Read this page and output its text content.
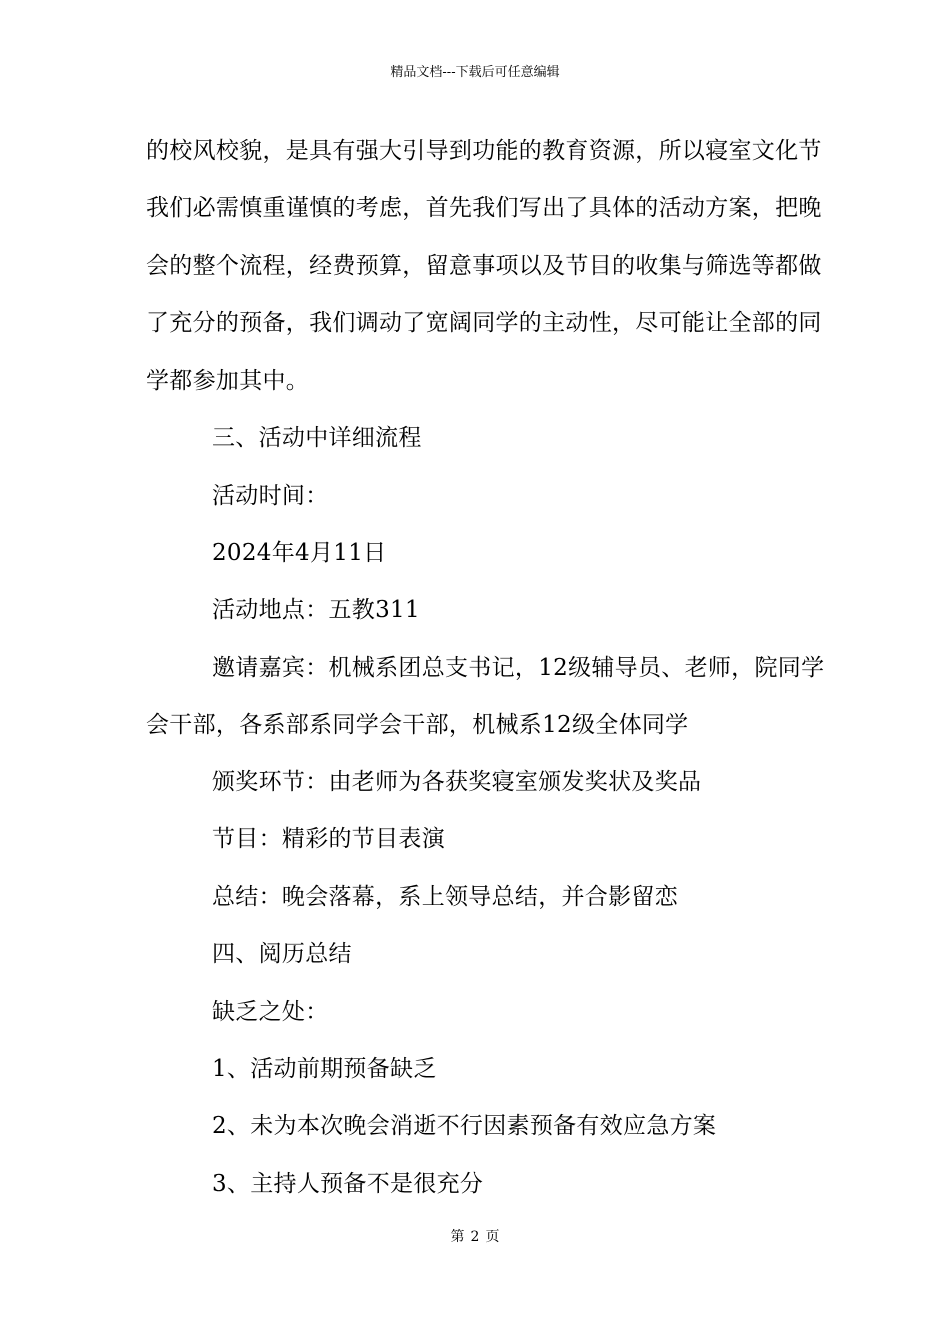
精品文档---下载后可任意编辑
的校风校貌，是具有强大引导到功能的教育资源，所以寝室文化节
我们必需慎重谨慎的考虑，首先我们写出了具体的活动方案，把晚
会的整个流程，经费预算，留意事项以及节目的收集与筛选等都做
了充分的预备，我们调动了宽阔同学的主动性，尽可能让全部的同
学都参加其中。
三、活动中详细流程
活动时间：
2024年4月11日
活动地点：五教311
邀请嘉宾：机械系团总支书记，12级辅导员、老师，院同学
会干部，各系部系同学会干部，机械系12级全体同学
颁奖环节：由老师为各获奖寝室颁发奖状及奖品
节目：精彩的节目表演
总结：晚会落幕，系上领导总结，并合影留恋
四、阅历总结
缺乏之处：
1、活动前期预备缺乏
2、未为本次晚会消逝不行因素预备有效应急方案
3、主持人预备不是很充分
第 2 页
